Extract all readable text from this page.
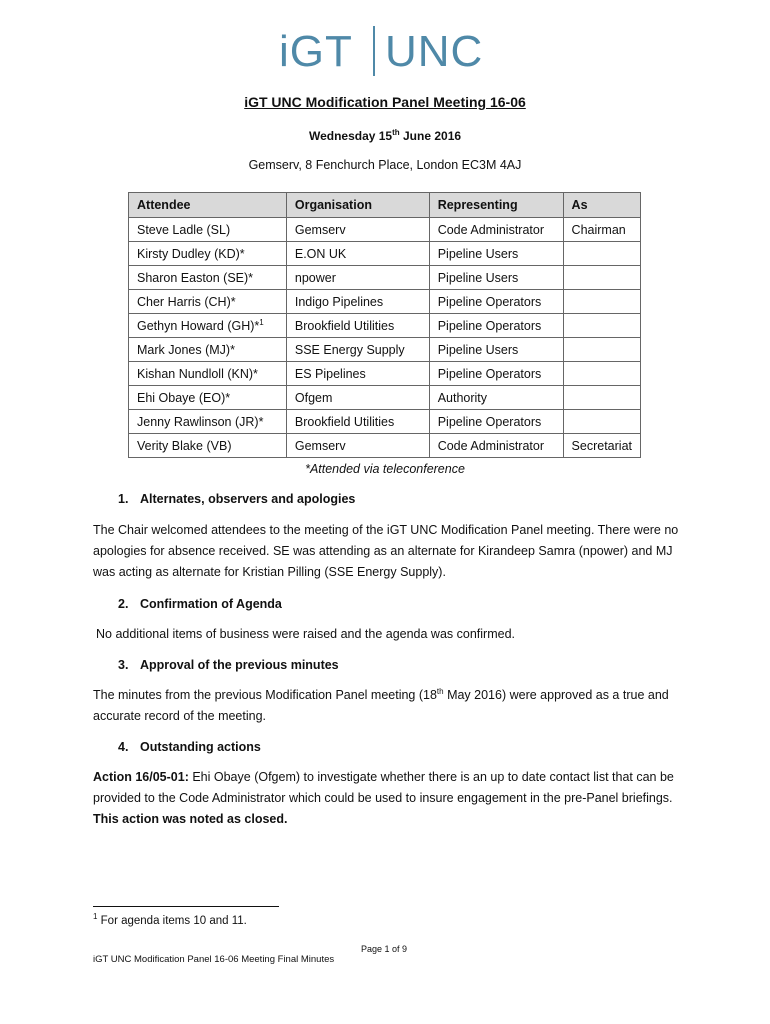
iGT UNC
iGT UNC Modification Panel Meeting 16-06
Wednesday 15th June 2016
Gemserv, 8 Fenchurch Place, London EC3M 4AJ
Attendee	Organisation	Representing	As
Steve Ladle (SL)	Gemserv	Code Administrator	Chairman
Kirsty Dudley (KD)*	E.ON UK	Pipeline Users	
Sharon Easton (SE)*	npower	Pipeline Users	
Cher Harris (CH)*	Indigo Pipelines	Pipeline Operators	
Gethyn Howard (GH)*$^1$	Brookfield Utilities	Pipeline Operators	
Mark Jones (MJ)*	SSE Energy Supply	Pipeline Users	
Kishan Nundloll (KN)*	ES Pipelines	Pipeline Operators	
Ehi Obaye (EO)*	Ofgem	Authority	
Jenny Rawlinson (JR)*	Brookfield Utilities	Pipeline Operators	
Verity Blake (VB)	Gemserv	Code Administrator	Secretariat
*Attended via teleconference
1. Alternates, observers and apologies
The Chair welcomed attendees to the meeting of the iGT UNC Modification Panel meeting. There were no apologies for absence received. SE was attending as an alternate for Kirandeep Samra (npower) and MJ was acting as alternate for Kristian Pilling (SSE Energy Supply).
2. Confirmation of Agenda
No additional items of business were raised and the agenda was confirmed.
3. Approval of the previous minutes
The minutes from the previous Modification Panel meeting (18th May 2016) were approved as a true and accurate record of the meeting.
4. Outstanding actions
Action 16/05-01: Ehi Obaye (Ofgem) to investigate whether there is an up to date contact list that can be provided to the Code Administrator which could be used to insure engagement in the pre-Panel briefings. This action was noted as closed.
$^1$ For agenda items 10 and 11.
Page 1 of 9
iGT UNC Modification Panel 16-06 Meeting Final Minutes
